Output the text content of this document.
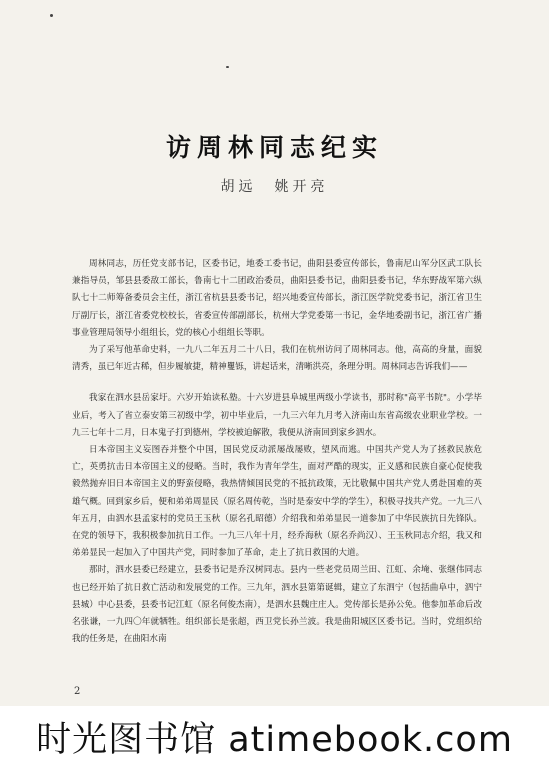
访周林同志纪实
胡远　姚开亮

周林同志，历任党支部书记，区委书记，地委工委书记，曲阳县委宣传部长，鲁南尼山军分区武工队长兼指导员，邹县县委敌工部长，鲁南七十二团政治委员，曲阳县委书记，曲阳县委书记，华东野战军第六纵队七十二师筹备委员会主任，浙江省杭县县委书记，绍兴地委宣传部长，浙江医学院党委书记，浙江省卫生厅副厅长，浙江省委党校校长，省委宣传部副部长，杭州大学党委第一书记，金华地委副书记，浙江省广播事业管理局领导小组组长，党的核心小组组长等职。

为了采写他革命史料，一九八二年五月二十八日，我们在杭州访问了周林同志。他，高高的身量，面貌清秀，虽已年近古稀，但步履敏捷，精神矍铄，讲起话来，清晰洪亮，条理分明。周林同志告诉我们——

我家在泗水县岳家圩。六岁开始读私塾。十六岁进县阜城里两级小学读书，那时称"高平书院"。小学毕业后，考入了省立泰安第三初级中学，初中毕业后，一九三六年九月考入济南山东省高级农业职业学校。一九三七年十二月，日本鬼子打到德州，学校被迫解散，我便从济南回到家乡泗水。

日本帝国主义妄图吞并整个中国，国民党反动派屡战屡败，望风而逃。中国共产党人为了拯救民族危亡，英勇抗击日本帝国主义的侵略。当时，我作为青年学生，面对严酷的现实，正义感和民族自豪心促使我毅然抛弃旧日本帝国主义的野蛮侵略，我热情倾国民党的不抵抗政策，无比敬佩中国共产党人勇赴国难的英雄气概。回到家乡后，便和弟弟周显民（原名周传乾，当时是泰安中学的学生），积极寻找共产党。一九三八年五月，由泗水县孟家村的党员王玉秋（原名孔昭德）介绍我和弟弟显民一道参加了中华民族抗日先锋队。在党的领导下，我积极参加抗日工作。一九三八年十月，经乔海秋（原名乔尚汉）、王玉秋同志介绍，我又和弟弟显民一起加入了中国共产党，同时参加了革命，走上了抗日救国的大道。

那时，泗水县委已经建立，县委书记是乔汉树同志。县内一些老党员周兰田、江虹、余埯、张继伟同志也已经开始了抗日救亡活动和发展党的工作。三九年，泗水县第第诞辑，建立了东泗宁（包括曲阜中，泗宁县城）中心县委，县委书记江虹（原名何俊杰南），是泗水县魏庄庄人。党传部长是孙公免。他参加革命后改名张谦，一九四〇年就牺牲。组织部长是张超，西卫党长孙兰波。我是曲阳城区区委书记。当时，党组织给我的任务是，在曲阳水南

2
时光图书馆 atimebook.com
